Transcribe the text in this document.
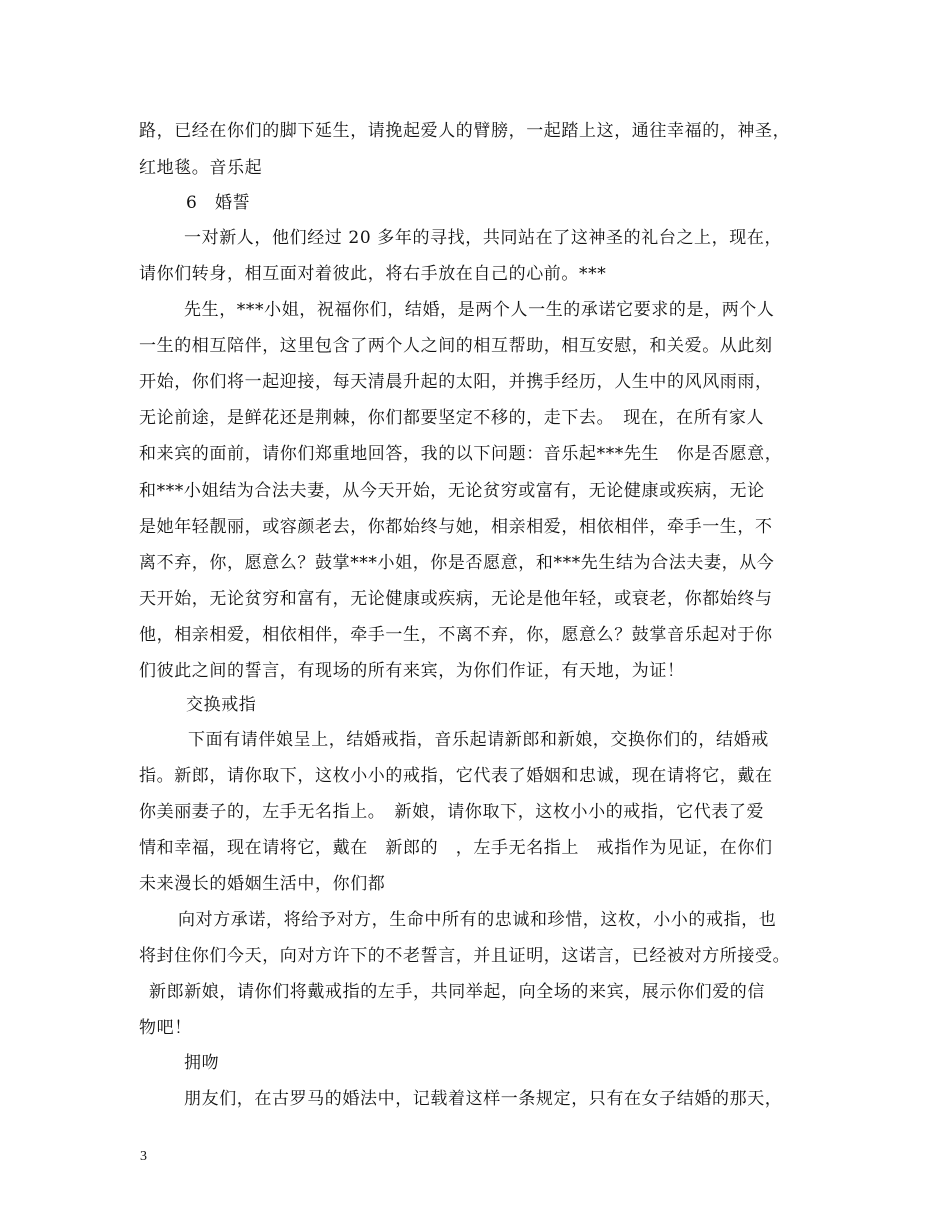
路，已经在你们的脚下延生，请挽起爱人的臂膀，一起踏上这，通往幸福的，神圣，
红地毯。音乐起
6　婚誓
一对新人，他们经过 20 多年的寻找，共同站在了这神圣的礼台之上，现在，
请你们转身，相互面对着彼此，将右手放在自己的心前。***
先生，***小姐，祝福你们，结婚，是两个人一生的承诺它要求的是，两个人
一生的相互陪伴，这里包含了两个人之间的相互帮助，相互安慰，和关爱。从此刻
开始，你们将一起迎接，每天清晨升起的太阳，并携手经历，人生中的风风雨雨，
无论前途，是鲜花还是荆棘，你们都要坚定不移的，走下去。　现在，在所有家人
和来宾的面前，请你们郑重地回答，我的以下问题：音乐起***先生　你是否愿意，
和***小姐结为合法夫妻，从今天开始，无论贫穷或富有，无论健康或疾病，无论
是她年轻靓丽，或容颜老去，你都始终与她，相亲相爱，相依相伴，牵手一生，不
离不弃，你，愿意么？鼓掌***小姐，你是否愿意，和***先生结为合法夫妻，从今
天开始，无论贫穷和富有，无论健康或疾病，无论是他年轻，或衰老，你都始终与
他，相亲相爱，相依相伴，牵手一生，不离不弃，你，愿意么？鼓掌音乐起对于你
们彼此之间的誓言，有现场的所有来宾，为你们作证，有天地，为证！
交换戒指
下面有请伴娘呈上，结婚戒指，音乐起请新郎和新娘，交换你们的，结婚戒
指。新郎，请你取下，这枚小小的戒指，它代表了婚姻和忠诚，现在请将它，戴在
你美丽妻子的，左手无名指上。　新娘，请你取下，这枚小小的戒指，它代表了爱
情和幸福，现在请将它，戴在　新郎的　，左手无名指上　戒指作为见证，在你们
未来漫长的婚姻生活中，你们都
向对方承诺，将给予对方，生命中所有的忠诚和珍惜，这枚，小小的戒指，也
将封住你们今天，向对方许下的不老誓言，并且证明，这诺言，已经被对方所接受。
新郎新娘，请你们将戴戒指的左手，共同举起，向全场的来宾，展示你们爱的信
物吧！
拥吻
朋友们，在古罗马的婚法中，记载着这样一条规定，只有在女子结婚的那天，
3
